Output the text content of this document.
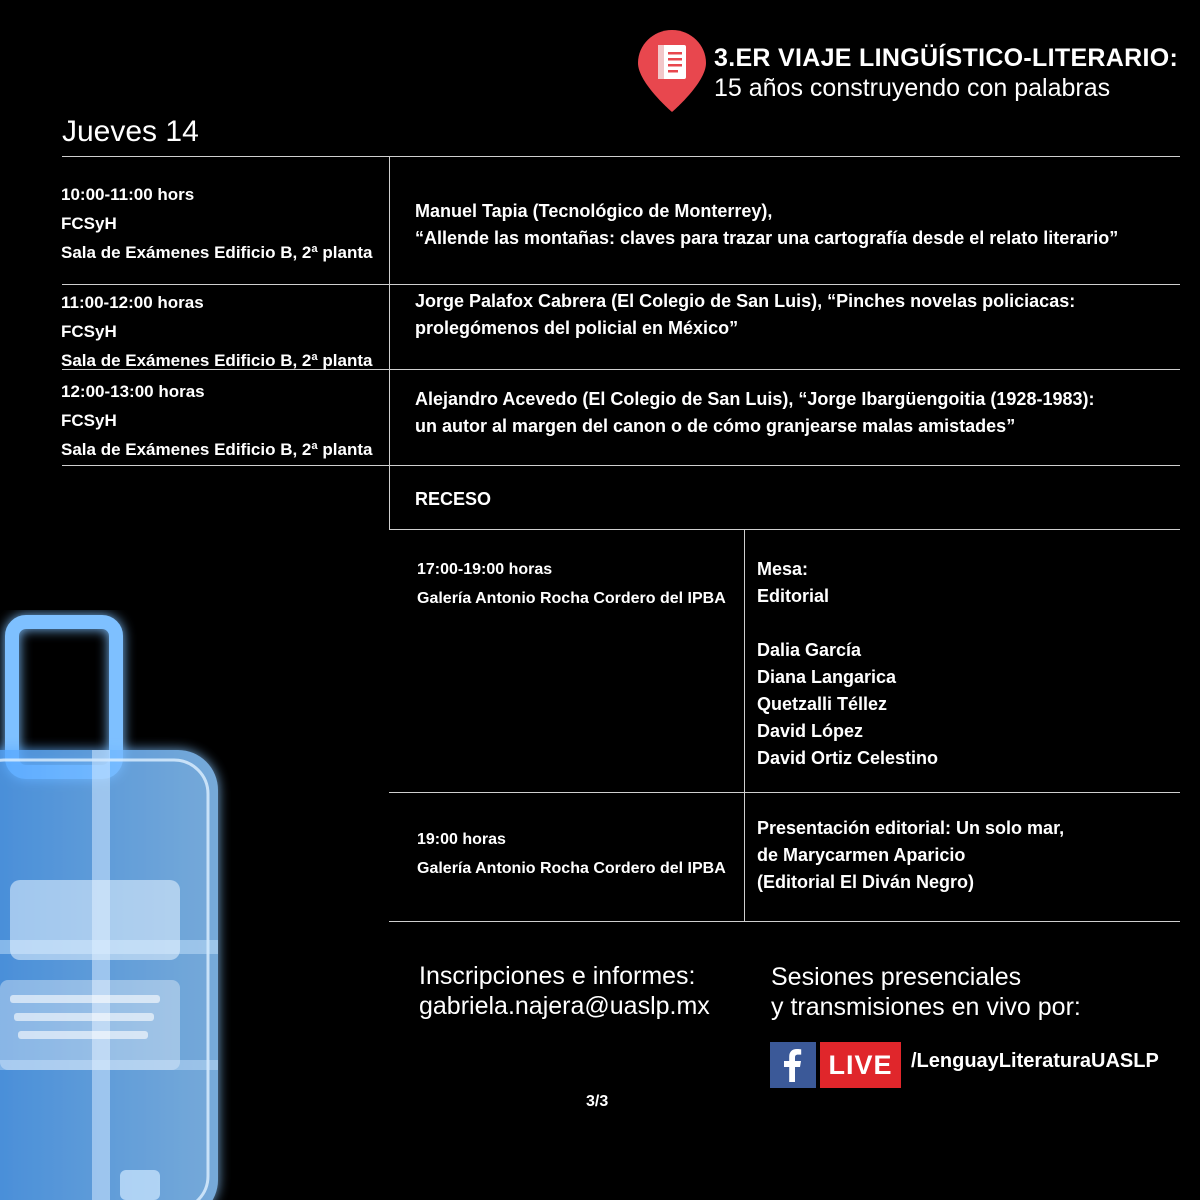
3.ER VIAJE LINGÜÍSTICO-LITERARIO:
15 años construyendo con palabras
Jueves 14
10:00-11:00 hors
FCSyH
Sala de Exámenes Edificio B, 2ª planta
Manuel Tapia (Tecnológico de Monterrey),
“Allende las montañas: claves para trazar una cartografía desde el relato literario”
11:00-12:00 horas
FCSyH
Sala de Exámenes Edificio B, 2ª planta
Jorge Palafox Cabrera (El Colegio de San Luis), “Pinches novelas policiacas:
prolegómenos del policial en México”
12:00-13:00 horas
FCSyH
Sala de Exámenes Edificio B, 2ª planta
Alejandro Acevedo (El Colegio de San Luis), “Jorge Ibargüengoitia (1928-1983):
un autor al margen del canon o de cómo granjearse malas amistades”
RECESO
17:00-19:00 horas
Galería Antonio Rocha Cordero del IPBA
Mesa:
Editorial
Dalia García
Diana Langarica
Quetzalli Téllez
David López
David Ortiz Celestino
19:00 horas
Galería Antonio Rocha Cordero del IPBA
Presentación editorial: Un solo mar,
de Marycarmen Aparicio
(Editorial El Diván Negro)
Inscripciones e informes:
gabriela.najera@uaslp.mx
Sesiones presenciales
y transmisiones en vivo por:
LIVE /LenguayLiteraturaUASLP
3/3
